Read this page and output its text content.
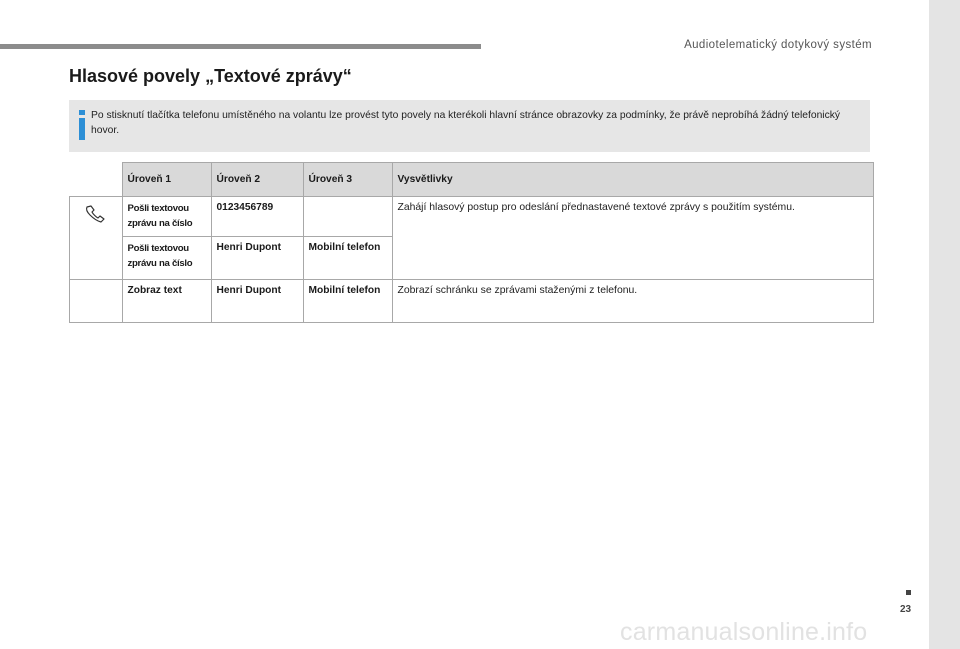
Audiotelematický dotykový systém
Hlasové povely „Textové zprávy“

Po stisknutí tlačítka telefonu umístěného na volantu lze provést tyto povely na kterékoli hlavní stránce obrazovky za podmínky, že právě neprobíhá žádný telefonický hovor.

	Úroveň 1	Úroveň 2	Úroveň 3	Vysvětlivky

	Pošli textovou zprávu na číslo	0123456789		Zahájí hlasový postup pro odeslání přednastavené textové zprávy s použitím systému.
	Pošli textovou zprávu na číslo	Henri Dupont	Mobilní telefon	
	Zobraz text	Henri Dupont	Mobilní telefon	Zobrazí schránku se zprávami staženými z telefonu.
23
carmanualsonline.info
